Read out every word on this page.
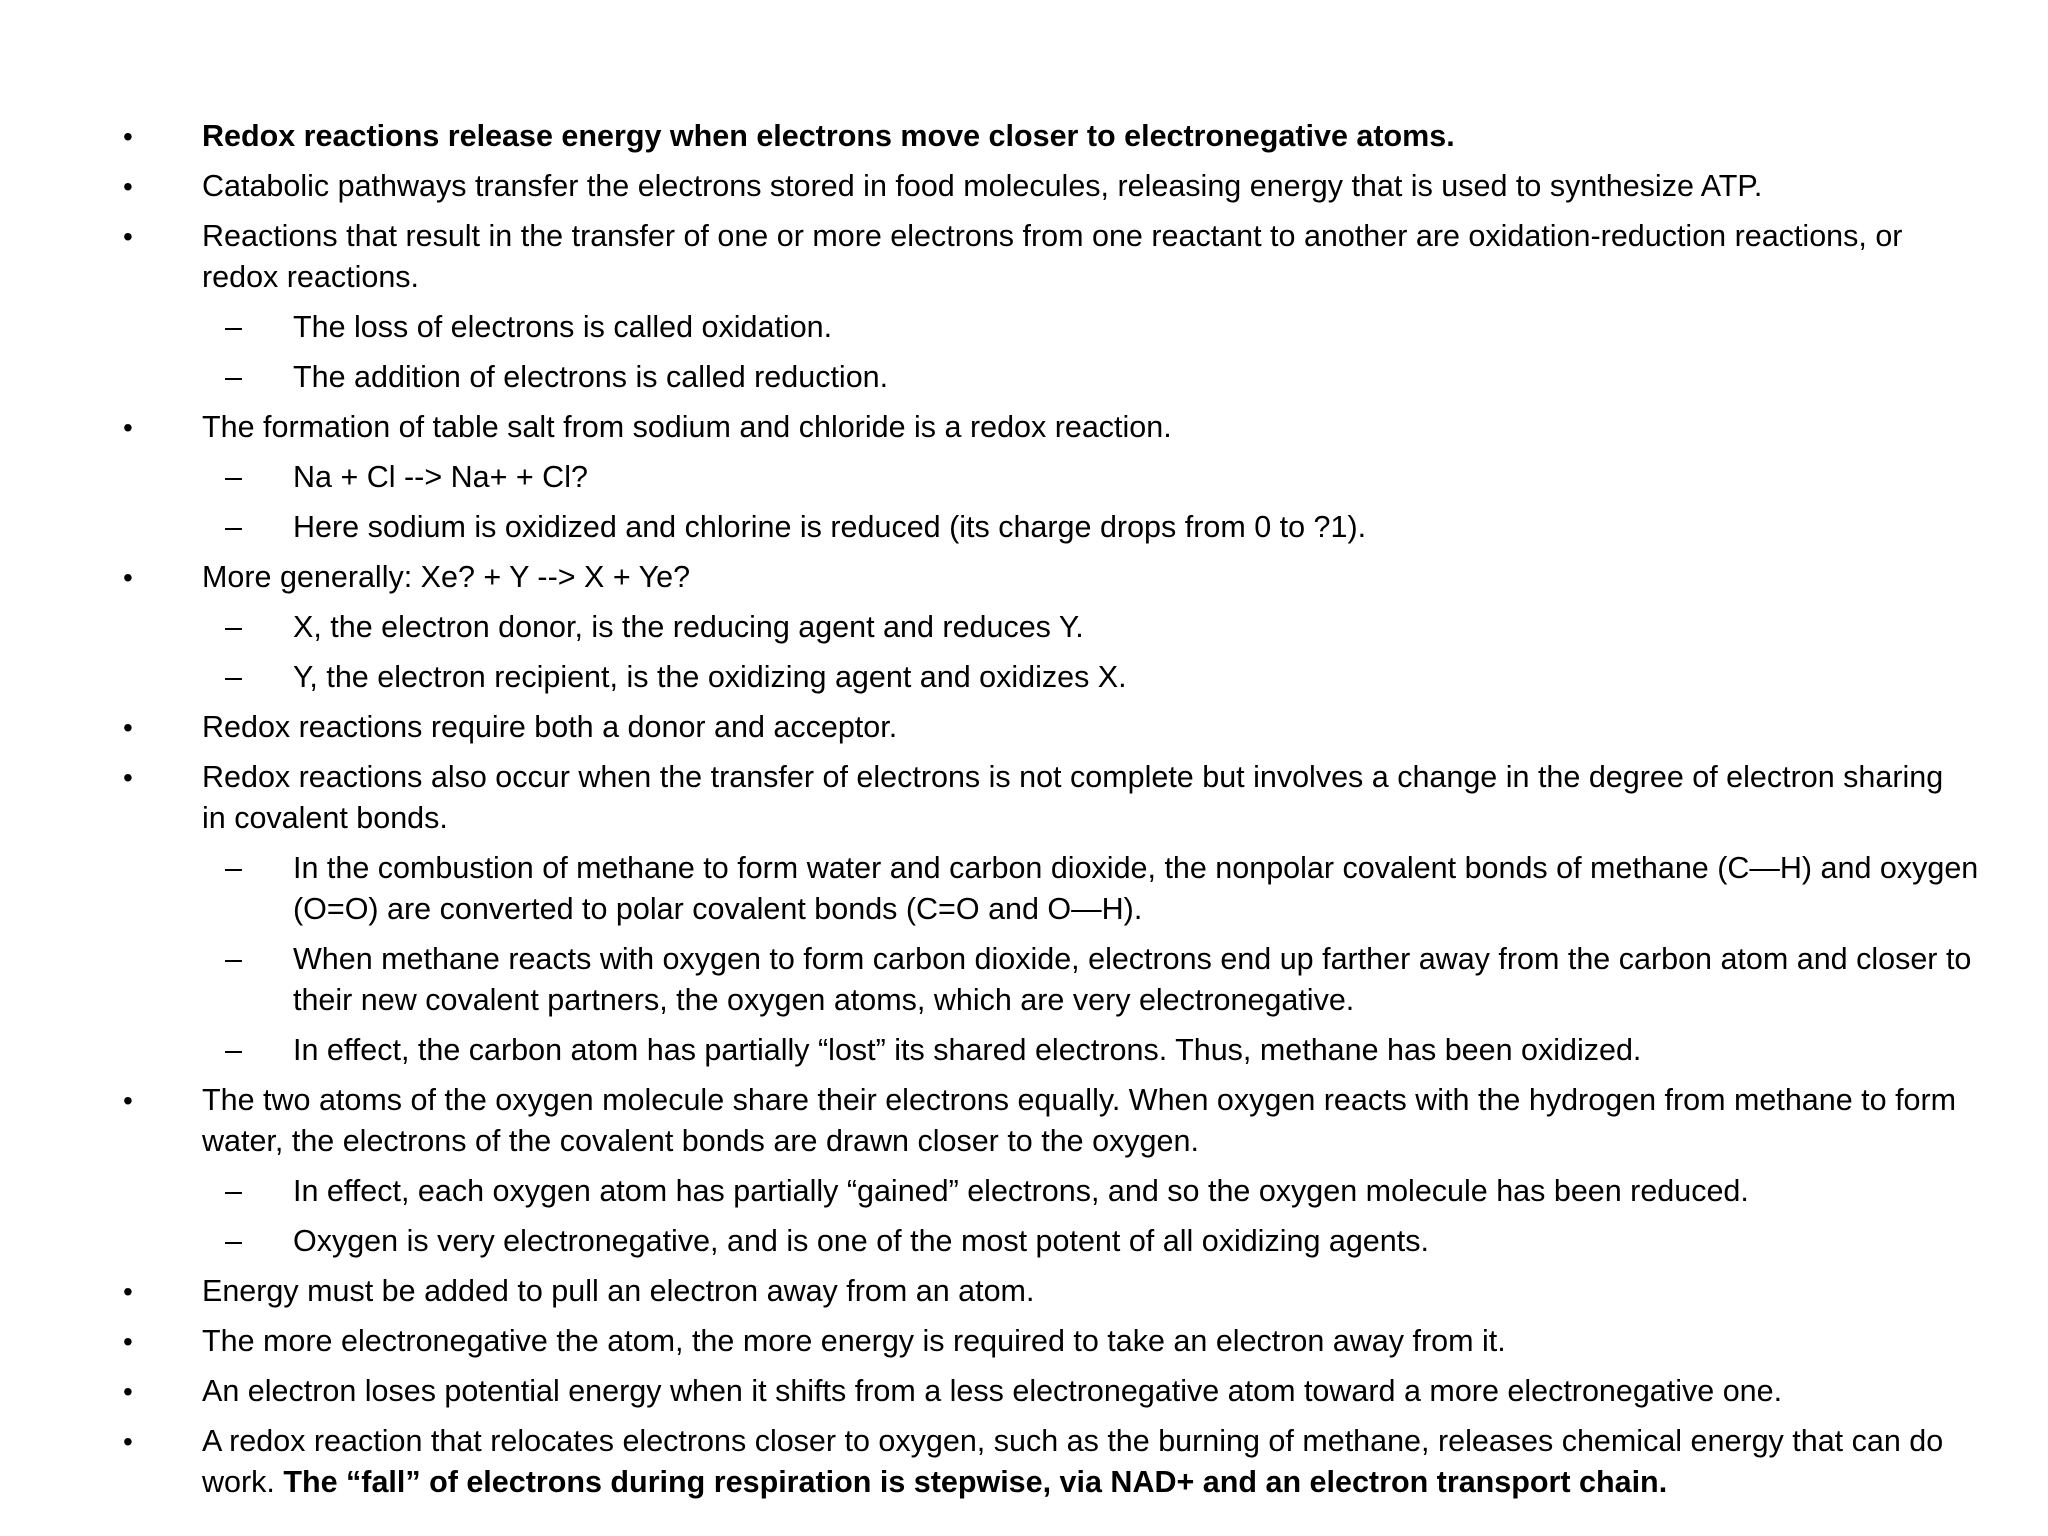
• Redox reactions release energy when electrons move closer to electronegative atoms.
• Catabolic pathways transfer the electrons stored in food molecules, releasing energy that is used to synthesize ATP.
• Reactions that result in the transfer of one or more electrons from one reactant to another are oxidation-reduction reactions, or redox reactions.
– The loss of electrons is called oxidation.
– The addition of electrons is called reduction.
• The formation of table salt from sodium and chloride is a redox reaction.
– Na + Cl --> Na+ + Cl?
– Here sodium is oxidized and chlorine is reduced (its charge drops from 0 to ?1).
• More generally: Xe? + Y --> X + Ye?
– X, the electron donor, is the reducing agent and reduces Y.
– Y, the electron recipient, is the oxidizing agent and oxidizes X.
• Redox reactions require both a donor and acceptor.
• Redox reactions also occur when the transfer of electrons is not complete but involves a change in the degree of electron sharing in covalent bonds.
– In the combustion of methane to form water and carbon dioxide, the nonpolar covalent bonds of methane (C—H) and oxygen (O=O) are converted to polar covalent bonds (C=O and O—H).
– When methane reacts with oxygen to form carbon dioxide, electrons end up farther away from the carbon atom and closer to their new covalent partners, the oxygen atoms, which are very electronegative.
– In effect, the carbon atom has partially “lost” its shared electrons. Thus, methane has been oxidized.
• The two atoms of the oxygen molecule share their electrons equally. When oxygen reacts with the hydrogen from methane to form water, the electrons of the covalent bonds are drawn closer to the oxygen.
– In effect, each oxygen atom has partially “gained” electrons, and so the oxygen molecule has been reduced.
– Oxygen is very electronegative, and is one of the most potent of all oxidizing agents.
• Energy must be added to pull an electron away from an atom.
• The more electronegative the atom, the more energy is required to take an electron away from it.
• An electron loses potential energy when it shifts from a less electronegative atom toward a more electronegative one.
• A redox reaction that relocates electrons closer to oxygen, such as the burning of methane, releases chemical energy that can do work. The “fall” of electrons during respiration is stepwise, via NAD+ and an electron transport chain.
